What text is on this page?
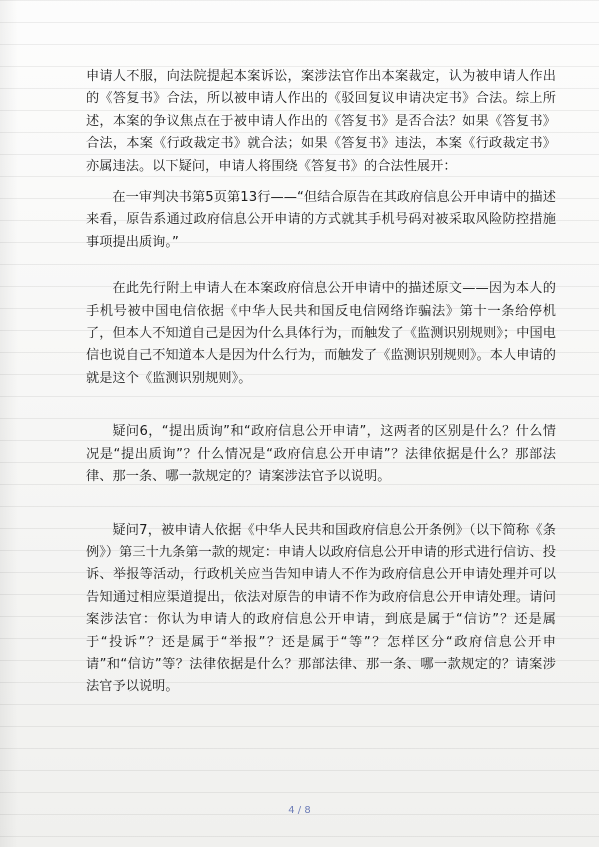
申请人不服，向法院提起本案诉讼，案涉法官作出本案裁定，认为被申请人作出的《答复书》合法，所以被申请人作出的《驳回复议申请决定书》合法。综上所述，本案的争议焦点在于被申请人作出的《答复书》是否合法？如果《答复书》合法，本案《行政裁定书》就合法；如果《答复书》违法，本案《行政裁定书》亦属违法。以下疑问，申请人将围绕《答复书》的合法性展开：

在一审判决书第5页第13行——“但结合原告在其政府信息公开申请中的描述来看，原告系通过政府信息公开申请的方式就其手机号码对被采取风险防控措施事项提出质询。”

在此先行附上申请人在本案政府信息公开申请中的描述原文——因为本人的手机号被中国电信依据《中华人民共和国反电信网络诈骗法》第十一条给停机了，但本人不知道自己是因为什么具体行为，而触发了《监测识别规则》；中国电信也说自己不知道本人是因为什么行为，而触发了《监测识别规则》。本人申请的就是这个《监测识别规则》。

疑问6，“提出质询”和“政府信息公开申请”，这两者的区别是什么？什么情况是“提出质询”？什么情况是“政府信息公开申请”？法律依据是什么？那部法律、那一条、哪一款规定的？请案涉法官予以说明。

疑问7，被申请人依据《中华人民共和国政府信息公开条例》（以下简称《条例》）第三十九条第一款的规定：申请人以政府信息公开申请的形式进行信访、投诉、举报等活动，行政机关应当告知申请人不作为政府信息公开申请处理并可以告知通过相应渠道提出，依法对原告的申请不作为政府信息公开申请处理。请问案涉法官：你认为申请人的政府信息公开申请，到底是属于“信访”？还是属于“投诉”？还是属于“举报”？还是属于“等”？怎样区分“政府信息公开申请”和“信访”等？法律依据是什么？那部法律、那一条、哪一款规定的？请案涉法官予以说明。

4 / 8
